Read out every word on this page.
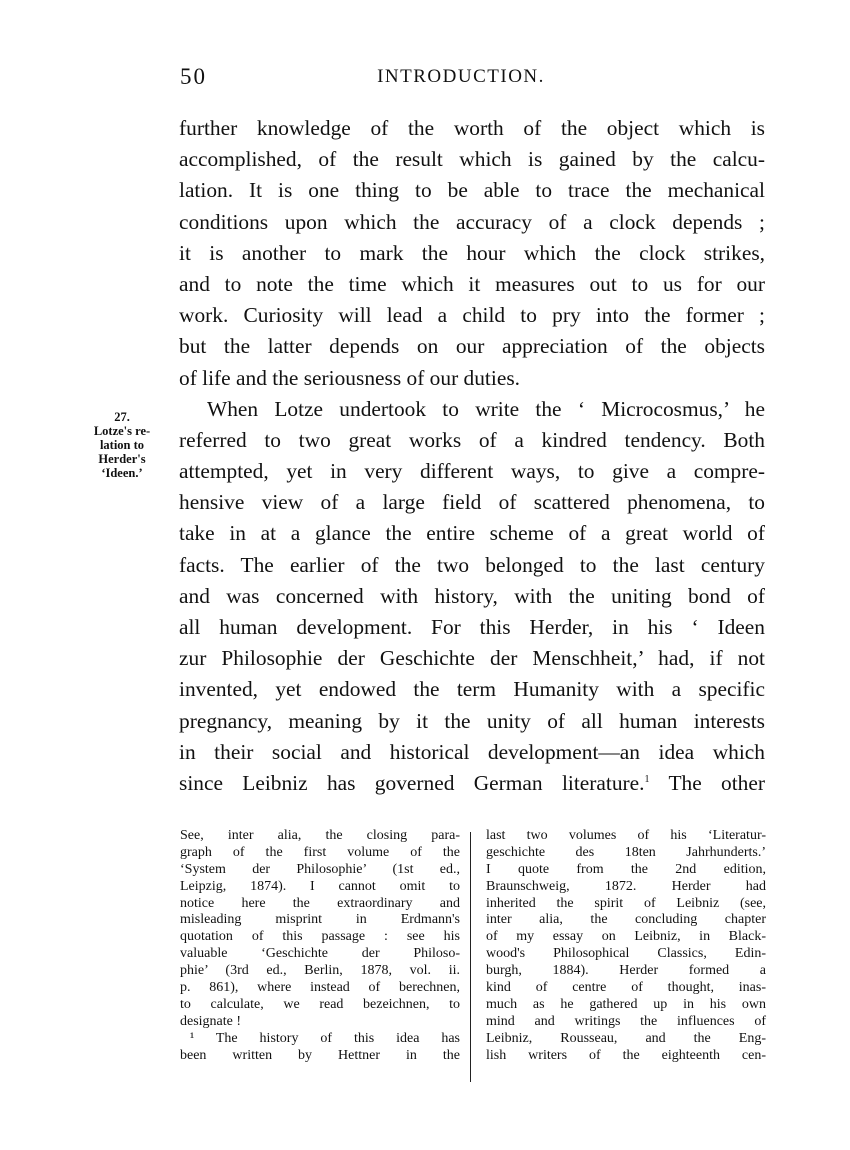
50	INTRODUCTION.
27.
Lotze's re-
lation to
Herder's
‘Ideen.’
further knowledge of the worth of the object which is
accomplished, of the result which is gained by the calcu-
lation. It is one thing to be able to trace the mechanical
conditions upon which the accuracy of a clock depends ;
it is another to mark the hour which the clock strikes,
and to note the time which it measures out to us for our
work. Curiosity will lead a child to pry into the former ;
but the latter depends on our appreciation of the objects
of life and the seriousness of our duties.
When Lotze undertook to write the ‘ Microcosmus,’ he
referred to two great works of a kindred tendency. Both
attempted, yet in very different ways, to give a compre-
hensive view of a large field of scattered phenomena, to
take in at a glance the entire scheme of a great world of
facts. The earlier of the two belonged to the last century
and was concerned with history, with the uniting bond of
all human development. For this Herder, in his ‘ Ideen
zur Philosophie der Geschichte der Menschheit,’ had, if not
invented, yet endowed the term Humanity with a specific
pregnancy, meaning by it the unity of all human interests
in their social and historical development—an idea which
since Leibniz has governed German literature.$^1$ The other
See, inter alia, the closing para-
graph of the first volume of the
‘System der Philosophie’ (1st ed.,
Leipzig, 1874). I cannot omit to
notice here the extraordinary and
misleading misprint in Erdmann's
quotation of this passage : see his
valuable ‘Geschichte der Philoso-
phie’ (3rd ed., Berlin, 1878, vol. ii.
p. 861), where instead of berechnen,
to calculate, we read bezeichnen, to
designate !
¹ The history of this idea has
been written by Hettner in the
last two volumes of his ‘Literatur-
geschichte des 18ten Jahrhunderts.’
I quote from the 2nd edition,
Braunschweig, 1872. Herder had
inherited the spirit of Leibniz (see,
inter alia, the concluding chapter
of my essay on Leibniz, in Black-
wood's Philosophical Classics, Edin-
burgh, 1884). Herder formed a
kind of centre of thought, inas-
much as he gathered up in his own
mind and writings the influences of
Leibniz, Rousseau, and the Eng-
lish writers of the eighteenth cen-
